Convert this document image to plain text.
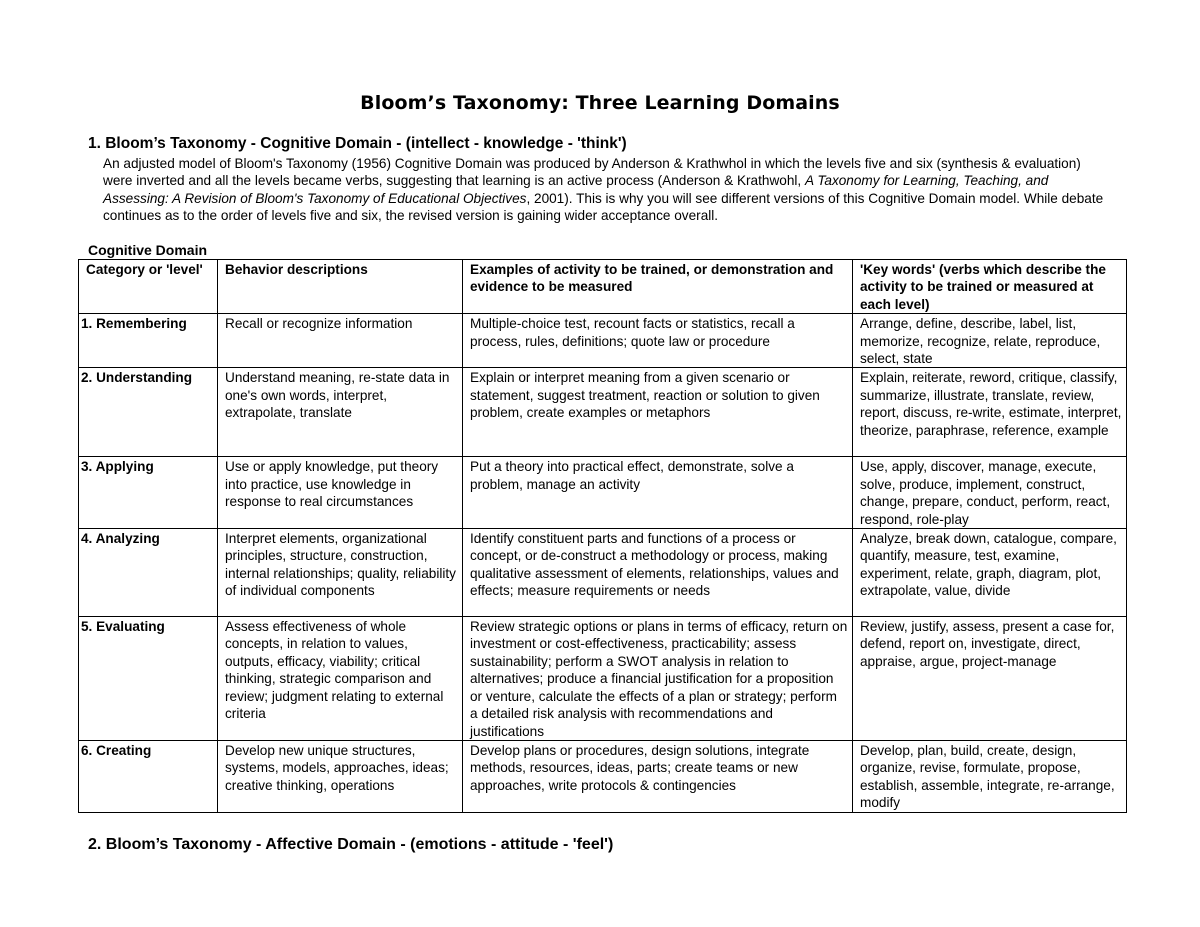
Bloom’s Taxonomy: Three Learning Domains
1. Bloom’s Taxonomy - Cognitive Domain - (intellect - knowledge - 'think')
An adjusted model of Bloom's Taxonomy (1956) Cognitive Domain was produced by Anderson & Krathwhol in which the levels five and six (synthesis & evaluation) were inverted and all the levels became verbs, suggesting that learning is an active process (Anderson & Krathwohl, A Taxonomy for Learning, Teaching, and Assessing: A Revision of Bloom's Taxonomy of Educational Objectives, 2001). This is why you will see different versions of this Cognitive Domain model. While debate continues as to the order of levels five and six, the revised version is gaining wider acceptance overall.
Cognitive Domain
Category or 'level'	Behavior descriptions	Examples of activity to be trained, or demonstration and evidence to be measured	'Key words' (verbs which describe the activity to be trained or measured at each level)
1. Remembering	Recall or recognize information	Multiple-choice test, recount facts or statistics, recall a process, rules, definitions; quote law or procedure	Arrange, define, describe, label, list, memorize, recognize, relate, reproduce, select, state
2. Understanding	Understand meaning, re-state data in one's own words, interpret, extrapolate, translate	Explain or interpret meaning from a given scenario or statement, suggest treatment, reaction or solution to given problem, create examples or metaphors	Explain, reiterate, reword, critique, classify, summarize, illustrate, translate, review, report, discuss, re-write, estimate, interpret, theorize, paraphrase, reference, example
3. Applying	Use or apply knowledge, put theory into practice, use knowledge in response to real circumstances	Put a theory into practical effect, demonstrate, solve a problem, manage an activity	Use, apply, discover, manage, execute, solve, produce, implement, construct, change, prepare, conduct, perform, react, respond, role-play
4. Analyzing	Interpret elements, organizational principles, structure, construction, internal relationships; quality, reliability of individual components	Identify constituent parts and functions of a process or concept, or de-construct a methodology or process, making qualitative assessment of elements, relationships, values and effects; measure requirements or needs	Analyze, break down, catalogue, compare, quantify, measure, test, examine, experiment, relate, graph, diagram, plot, extrapolate, value, divide
5. Evaluating	Assess effectiveness of whole concepts, in relation to values, outputs, efficacy, viability; critical thinking, strategic comparison and review; judgment relating to external criteria	Review strategic options or plans in terms of efficacy, return on investment or cost-effectiveness, practicability; assess sustainability; perform a SWOT analysis in relation to alternatives; produce a financial justification for a proposition or venture, calculate the effects of a plan or strategy; perform a detailed risk analysis with recommendations and justifications	Review, justify, assess, present a case for, defend, report on, investigate, direct, appraise, argue, project-manage
6. Creating	Develop new unique structures, systems, models, approaches, ideas; creative thinking, operations	Develop plans or procedures, design solutions, integrate methods, resources, ideas, parts; create teams or new approaches, write protocols & contingencies	Develop, plan, build, create, design, organize, revise, formulate, propose, establish, assemble, integrate, re-arrange, modify
2. Bloom’s Taxonomy - Affective Domain - (emotions - attitude - 'feel')
